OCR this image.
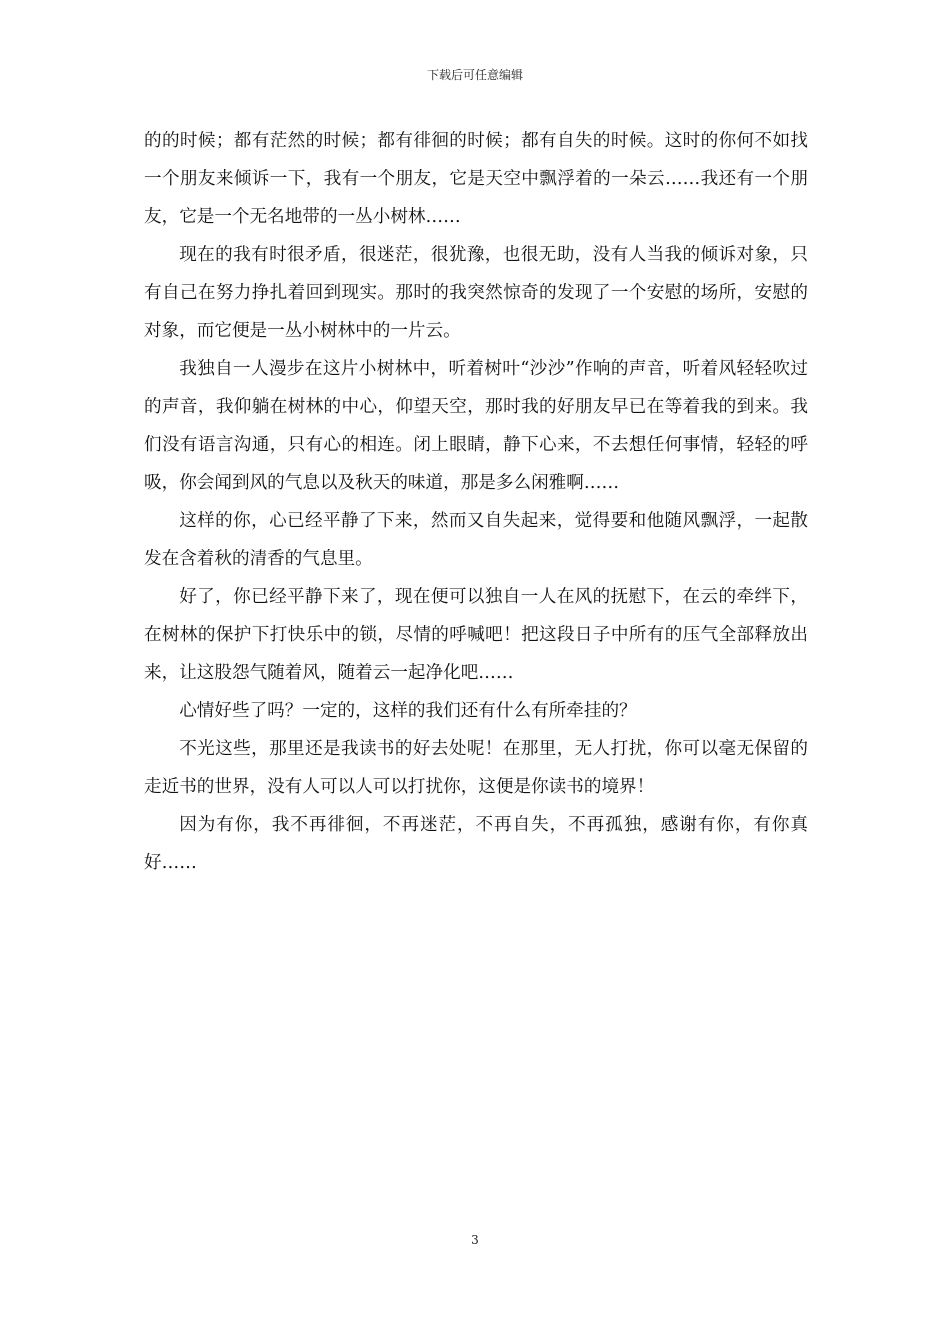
下载后可任意编辑

的的时候；都有茫然的时候；都有徘徊的时候；都有自失的时候。这时的你何不如找一个朋友来倾诉一下，我有一个朋友，它是天空中飘浮着的一朵云……我还有一个朋友，它是一个无名地带的一丛小树林……

现在的我有时很矛盾，很迷茫，很犹豫，也很无助，没有人当我的倾诉对象，只有自己在努力挣扎着回到现实。那时的我突然惊奇的发现了一个安慰的场所，安慰的对象，而它便是一丛小树林中的一片云。

我独自一人漫步在这片小树林中，听着树叶“沙沙”作响的声音，听着风轻轻吹过的声音，我仰躺在树林的中心，仰望天空，那时我的好朋友早已在等着我的到来。我们没有语言沟通，只有心的相连。闭上眼睛，静下心来，不去想任何事情，轻轻的呼吸，你会闻到风的气息以及秋天的味道，那是多么闲雅啊……

这样的你，心已经平静了下来，然而又自失起来，觉得要和他随风飘浮，一起散发在含着秋的清香的气息里。

好了，你已经平静下来了，现在便可以独自一人在风的抚慰下，在云的牵绊下，在树林的保护下打快乐中的锁，尽情的呼喊吧！把这段日子中所有的压气全部释放出来，让这股怨气随着风，随着云一起净化吧……

心情好些了吗？一定的，这样的我们还有什么有所牵挂的？

不光这些，那里还是我读书的好去处呢！在那里，无人打扰，你可以毫无保留的走近书的世界，没有人可以人可以打扰你，这便是你读书的境界！

因为有你，我不再徘徊，不再迷茫，不再自失，不再孤独，感谢有你，有你真好……

3
